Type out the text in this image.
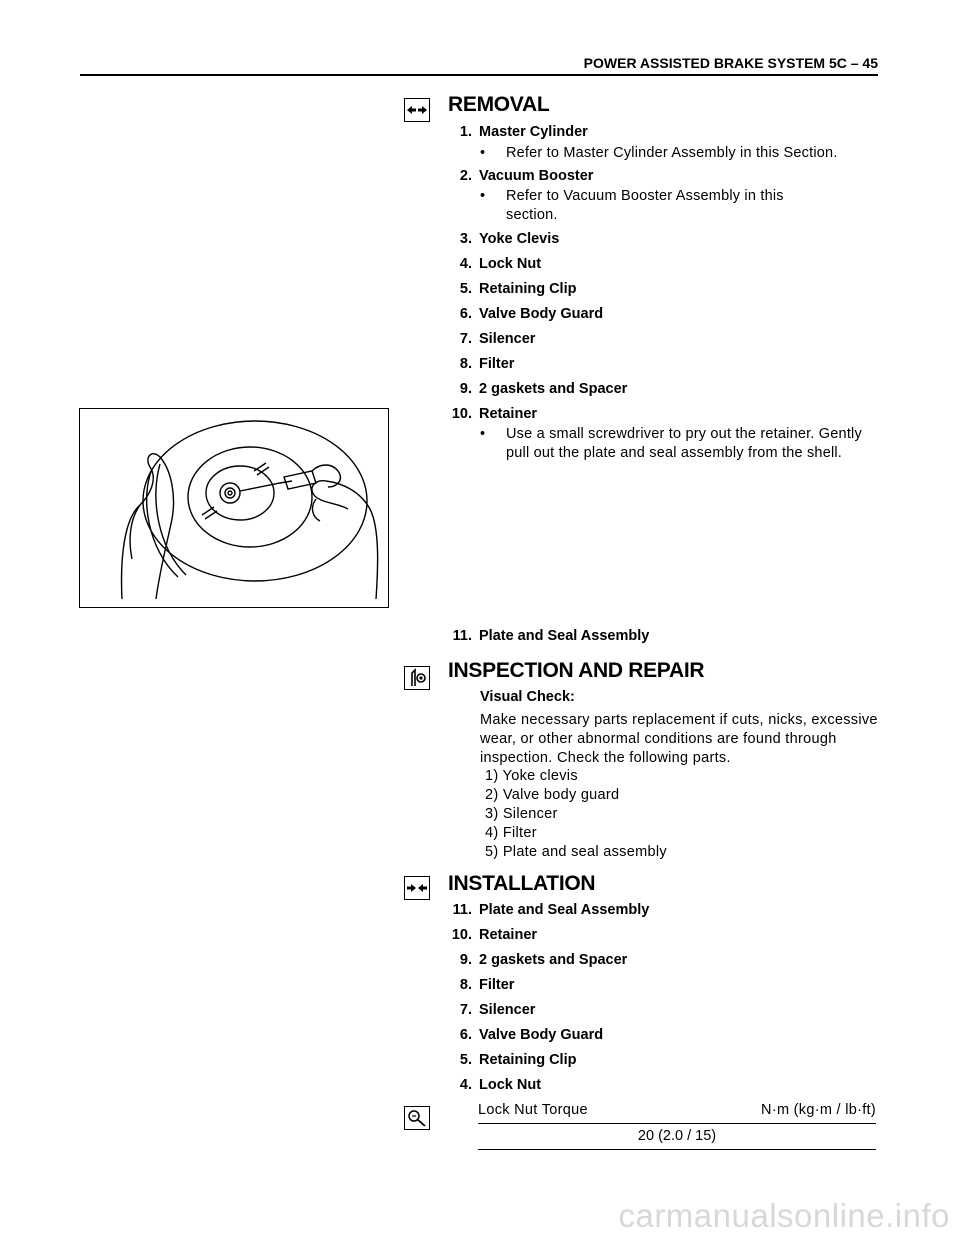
POWER ASSISTED BRAKE SYSTEM 5C – 45
REMOVAL
1. Master Cylinder
• Refer to Master Cylinder Assembly in this Section.
2. Vacuum Booster
• Refer to Vacuum Booster Assembly in this section.
3. Yoke Clevis
4. Lock Nut
5. Retaining Clip
6. Valve Body Guard
7. Silencer
8. Filter
9. 2 gaskets and Spacer
10. Retainer
• Use a small screwdriver to pry out the retainer. Gently pull out the plate and seal assembly from the shell.
11. Plate and Seal Assembly
INSPECTION AND REPAIR
Visual Check:
Make necessary parts replacement if cuts, nicks, excessive wear, or other abnormal conditions are found through inspection. Check the following parts.
1) Yoke clevis
2) Valve body guard
3) Silencer
4) Filter
5) Plate and seal assembly
INSTALLATION
11. Plate and Seal Assembly
10. Retainer
9. 2 gaskets and Spacer
8. Filter
7. Silencer
6. Valve Body Guard
5. Retaining Clip
4. Lock Nut
Lock Nut Torque	N·m (kg·m / lb·ft)
20 (2.0 / 15)
carmanualsonline.info
